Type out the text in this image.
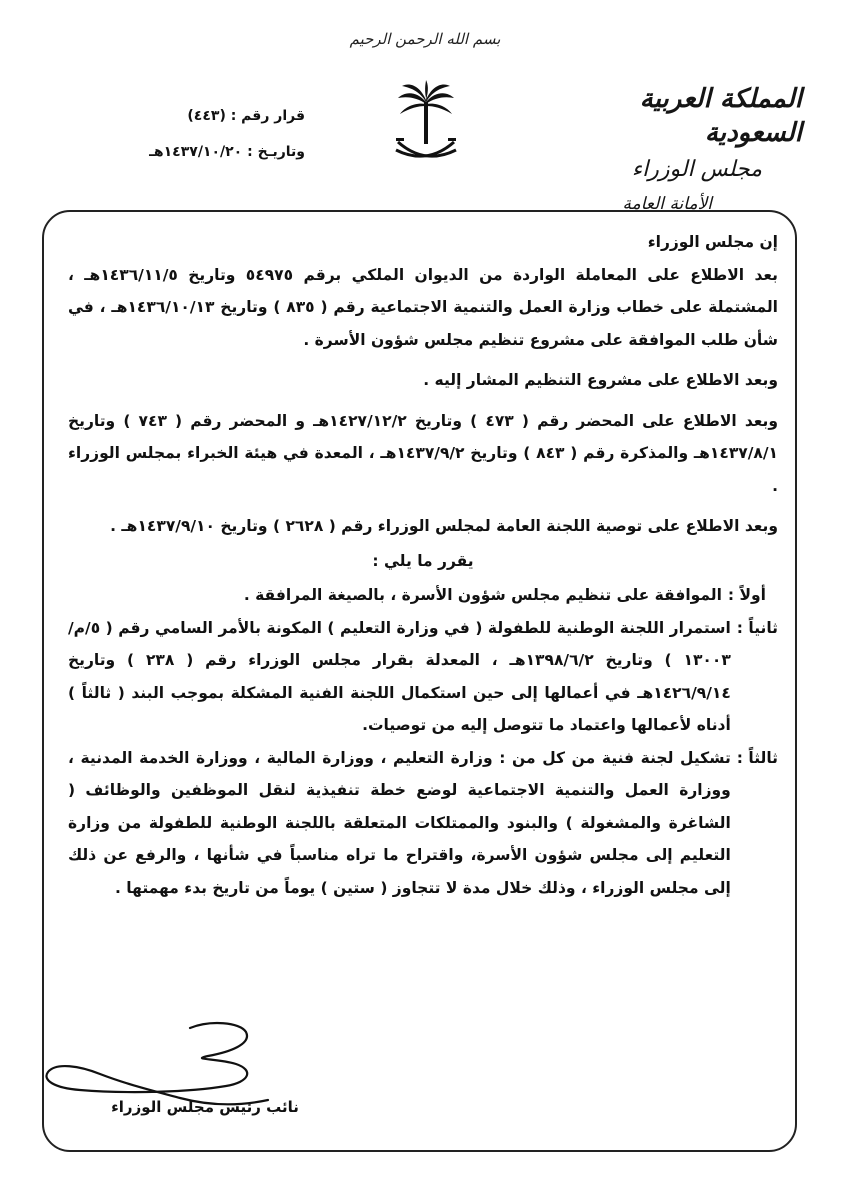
بسم الله الرحمن الرحيم
المملكة العربية السعودية
مجلس الوزراء
الأمانة العامة
قرار رقم : (٤٤٣)
وتاريـخ : ١٤٣٧/١٠/٢٠هـ

إن مجلس الوزراء

بعد الاطلاع على المعاملة الواردة من الديوان الملكي برقم ٥٤٩٧٥ وتاريخ ١٤٣٦/١١/٥هـ ، المشتملة على خطاب وزارة العمل والتنمية الاجتماعية رقم ( ٨٣٥ ) وتاريخ ١٤٣٦/١٠/١٣هـ ، في شأن طلب الموافقة على مشروع تنظيم مجلس شؤون الأسرة .

وبعد الاطلاع على مشروع التنظيم المشار إليه .

وبعد الاطلاع على المحضر رقم ( ٤٧٣ ) وتاريخ ١٤٢٧/١٢/٢هـ و المحضر رقم ( ٧٤٣ ) وتاريخ ١٤٣٧/٨/١هـ والمذكرة رقم ( ٨٤٣ ) وتاريخ ١٤٣٧/٩/٢هـ ، المعدة في هيئة الخبراء بمجلس الوزراء .

وبعد الاطلاع على توصية اللجنة العامة لمجلس الوزراء رقم ( ٢٦٢٨ ) وتاريخ ١٤٣٧/٩/١٠هـ .

يقرر ما يلي :

أولاً :
الموافقة على تنظيم مجلس شؤون الأسرة ، بالصيغة المرافقة .
ثانياً :
استمرار اللجنة الوطنية للطفولة ( في وزارة التعليم ) المكونة بالأمر السامي رقم ( ٥/م/١٣٠٠٣ ) وتاريخ ١٣٩٨/٦/٢هـ ، المعدلة بقرار مجلس الوزراء رقم ( ٢٣٨ ) وتاريخ ١٤٢٦/٩/١٤هـ في أعمالها إلى حين استكمال اللجنة الفنية المشكلة بموجب البند ( ثالثاً ) أدناه لأعمالها واعتماد ما تتوصل إليه من توصيات.
ثالثاً :
تشكيل لجنة فنية من كل من : وزارة التعليم ، ووزارة المالية ، ووزارة الخدمة المدنية ، ووزارة العمل والتنمية الاجتماعية لوضع خطة تنفيذية لنقل الموظفين والوظائف ( الشاغرة والمشغولة ) والبنود والممتلكات المتعلقة باللجنة الوطنية للطفولة من وزارة التعليم إلى مجلس شؤون الأسرة، واقتراح ما تراه مناسباً في شأنها ، والرفع عن ذلك إلى مجلس الوزراء ، وذلك خلال مدة لا تتجاوز ( ستين ) يوماً من تاريخ بدء مهمتها .
نائب رئيس مجلس الوزراء
